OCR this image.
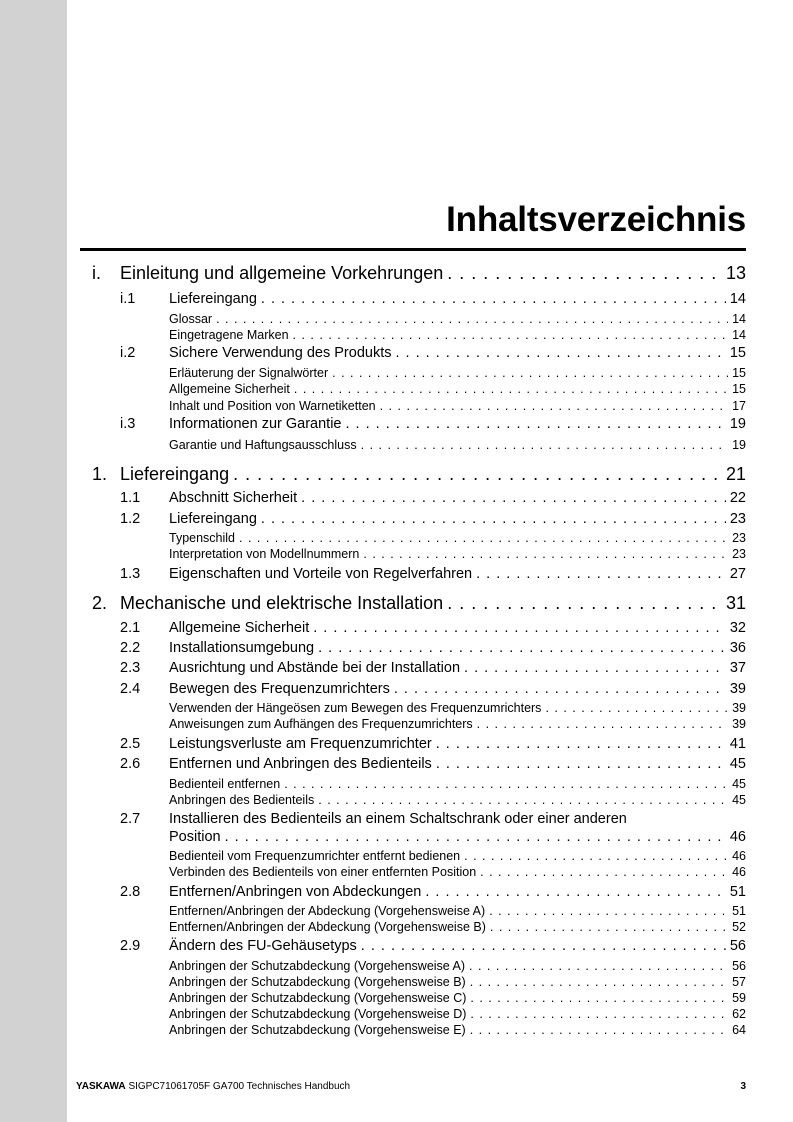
Inhaltsverzeichnis
i. Einleitung und allgemeine Vorkehrungen . . .	13
i.1 Liefereingang . . .	14
Glossar . . .	14
Eingetragene Marken . . .	14
i.2 Sichere Verwendung des Produkts . . .	15
Erläuterung der Signalwörter . . .	15
Allgemeine Sicherheit . . .	15
Inhalt und Position von Warnetiketten . . .	17
i.3 Informationen zur Garantie . . .	19
Garantie und Haftungsausschluss . . .	19
1. Liefereingang . . .	21
1.1 Abschnitt Sicherheit . . .	22
1.2 Liefereingang . . .	23
Typenschild . . .	23
Interpretation von Modellnummern . . .	23
1.3 Eigenschaften und Vorteile von Regelverfahren . . .	27
2. Mechanische und elektrische Installation . . .	31
2.1 Allgemeine Sicherheit . . .	32
2.2 Installationsumgebung . . .	36
2.3 Ausrichtung und Abstände bei der Installation . . .	37
2.4 Bewegen des Frequenzumrichters . . .	39
Verwenden der Hängeösen zum Bewegen des Frequenzumrichters . . .	39
Anweisungen zum Aufhängen des Frequenzumrichters . . .	39
2.5 Leistungsverluste am Frequenzumrichter . . .	41
2.6 Entfernen und Anbringen des Bedienteils . . .	45
Bedienteil entfernen . . .	45
Anbringen des Bedienteils . . .	45
2.7 Installieren des Bedienteils an einem Schaltschrank oder einer anderen
Position . . .	46
Bedienteil vom Frequenzumrichter entfernt bedienen . . .	46
Verbinden des Bedienteils von einer entfernten Position . . .	46
2.8 Entfernen/Anbringen von Abdeckungen . . .	51
Entfernen/Anbringen der Abdeckung (Vorgehensweise A) . . .	51
Entfernen/Anbringen der Abdeckung (Vorgehensweise B) . . .	52
2.9 Ändern des FU-Gehäusetyps . . .	56
Anbringen der Schutzabdeckung (Vorgehensweise A) . . .	56
Anbringen der Schutzabdeckung (Vorgehensweise B) . . .	57
Anbringen der Schutzabdeckung (Vorgehensweise C) . . .	59
Anbringen der Schutzabdeckung (Vorgehensweise D) . . .	62
Anbringen der Schutzabdeckung (Vorgehensweise E) . . .	64
YASKAWA SIGPC71061705F GA700 Technisches Handbuch	3
